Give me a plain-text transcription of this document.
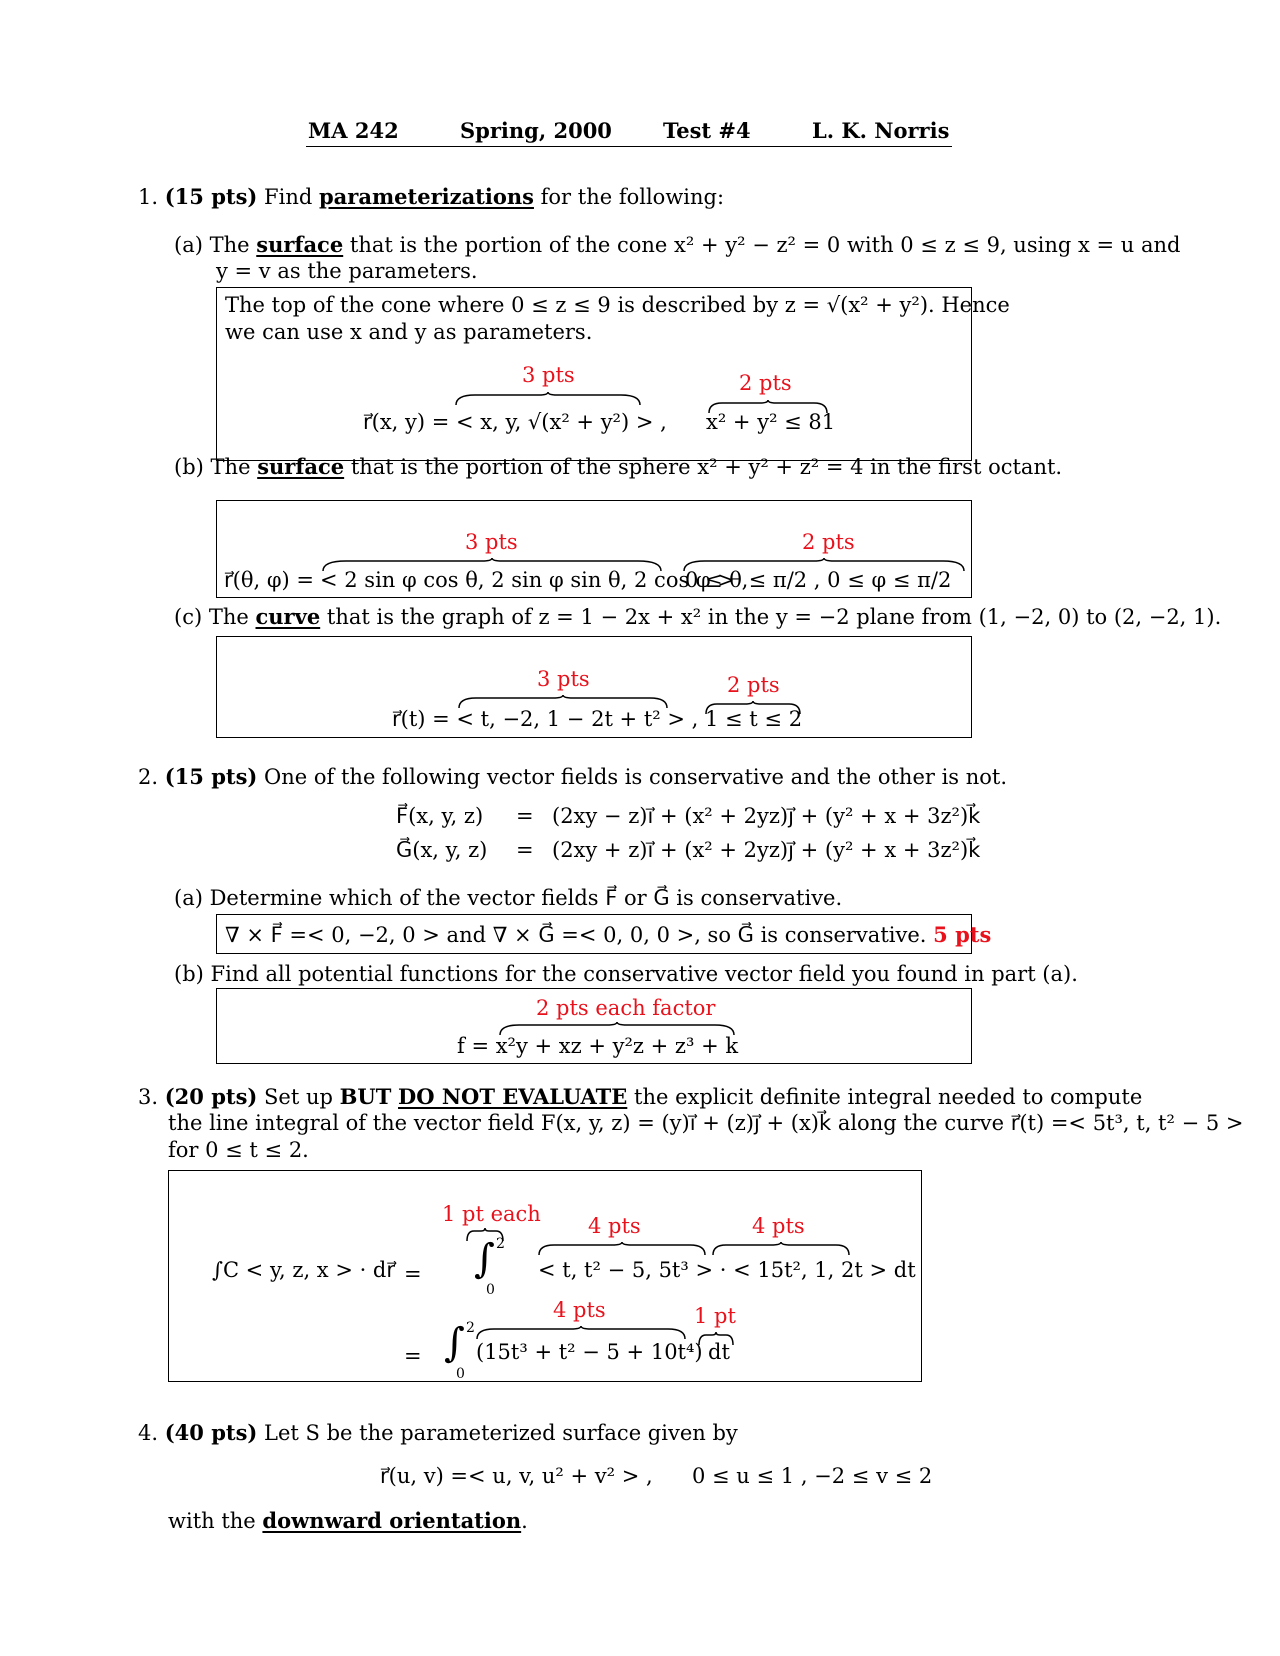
MA 242	Spring, 2000 Test #4	L. K. Norris
1. (15 pts) Find parameterizations for the following:
(a) The surface that is the portion of the cone x² + y² − z² = 0 with 0 ≤ z ≤ 9, using x = u and
y = v as the parameters.
The top of the cone where 0 ≤ z ≤ 9 is described by z = √(x² + y²). Hence
we can use x and y as parameters.
3 pts	2 pts
r⃗(x, y) = < x, y, √(x² + y²) > , x² + y² ≤ 81
(b) The surface that is the portion of the sphere x² + y² + z² = 4 in the first octant.
3 pts	2 pts
r⃗(θ, φ) = < 2 sin φ cos θ, 2 sin φ sin θ, 2 cos φ > ,
0 ≤ θ ≤ π/2 , 0 ≤ φ ≤ π/2
(c) The curve that is the graph of z = 1 − 2x + x² in the y = −2 plane from (1, −2, 0) to (2, −2, 1).
3 pts	2 pts
r⃗(t) = < t, −2, 1 − 2t + t² > , 1 ≤ t ≤ 2
2. (15 pts) One of the following vector fields is conservative and the other is not.
F⃗(x, y, z) = (2xy − z)i⃗ + (x² + 2yz)j⃗ + (y² + x + 3z²)k⃗
G⃗(x, y, z) = (2xy + z)i⃗ + (x² + 2yz)j⃗ + (y² + x + 3z²)k⃗
(a) Determine which of the vector fields F⃗ or G⃗ is conservative.
∇ × F⃗ =< 0, −2, 0 > and ∇ × G⃗ =< 0, 0, 0 >, so G⃗ is conservative. 5 pts
(b) Find all potential functions for the conservative vector field you found in part (a).
2 pts each factor
f = x²y + xz + y²z + z³ + k
3. (20 pts) Set up BUT DO NOT EVALUATE the explicit definite integral needed to compute
the line integral of the vector field F(x, y, z) = (y)i⃗ + (z)j⃗ + (x)k⃗ along the curve r⃗(t) =< 5t³, t, t² − 5 >
for 0 ≤ t ≤ 2.
∫C < y, z, x > · dr⃗ =
1 pt each
∫ 2
0
4 pts	4 pts
< t, t² − 5, 5t³ > · < 15t², 1, 2t > dt
4 pts	1 pt
= ∫ 2
0
(15t³ + t² − 5 + 10t⁴) dt
4. (40 pts) Let S be the parameterized surface given by
r⃗(u, v) =< u, v, u² + v² > , 0 ≤ u ≤ 1 , −2 ≤ v ≤ 2
with the downward orientation.
